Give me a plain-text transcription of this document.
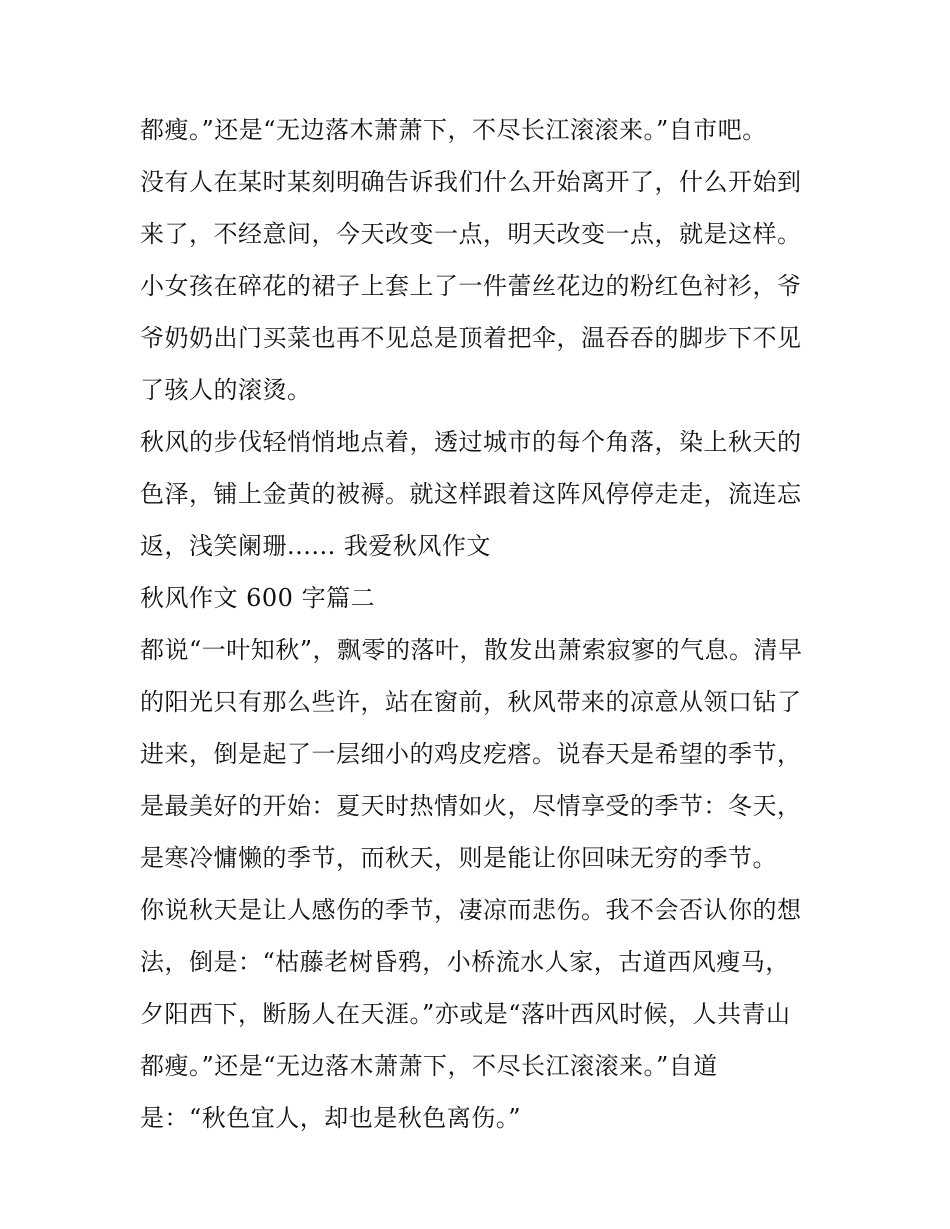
都瘦。”还是“无边落木萧萧下，不尽长江滚滚来。”自市吧。
没有人在某时某刻明确告诉我们什么开始离开了，什么开始到
来了，不经意间，今天改变一点，明天改变一点，就是这样。
小女孩在碎花的裙子上套上了一件蕾丝花边的粉红色衬衫，爷
爷奶奶出门买菜也再不见总是顶着把伞，温吞吞的脚步下不见
了骇人的滚烫。
秋风的步伐轻悄悄地点着，透过城市的每个角落，染上秋天的
色泽，铺上金黄的被褥。就这样跟着这阵风停停走走，流连忘
返，浅笑阑珊...... 我爱秋风作文
秋风作文 600 字篇二
都说“一叶知秋”，飘零的落叶，散发出萧索寂寥的气息。清早
的阳光只有那么些许，站在窗前，秋风带来的凉意从领口钻了
进来，倒是起了一层细小的鸡皮疙瘩。说春天是希望的季节，
是最美好的开始：夏天时热情如火，尽情享受的季节：冬天，
是寒冷慵懒的季节，而秋天，则是能让你回味无穷的季节。
你说秋天是让人感伤的季节，凄凉而悲伤。我不会否认你的想
法，倒是：“枯藤老树昏鸦，小桥流水人家，古道西风瘦马，
夕阳西下，断肠人在天涯。”亦或是“落叶西风时候，人共青山
都瘦。”还是“无边落木萧萧下，不尽长江滚滚来。”自道
是：“秋色宜人，却也是秋色离伤。”
